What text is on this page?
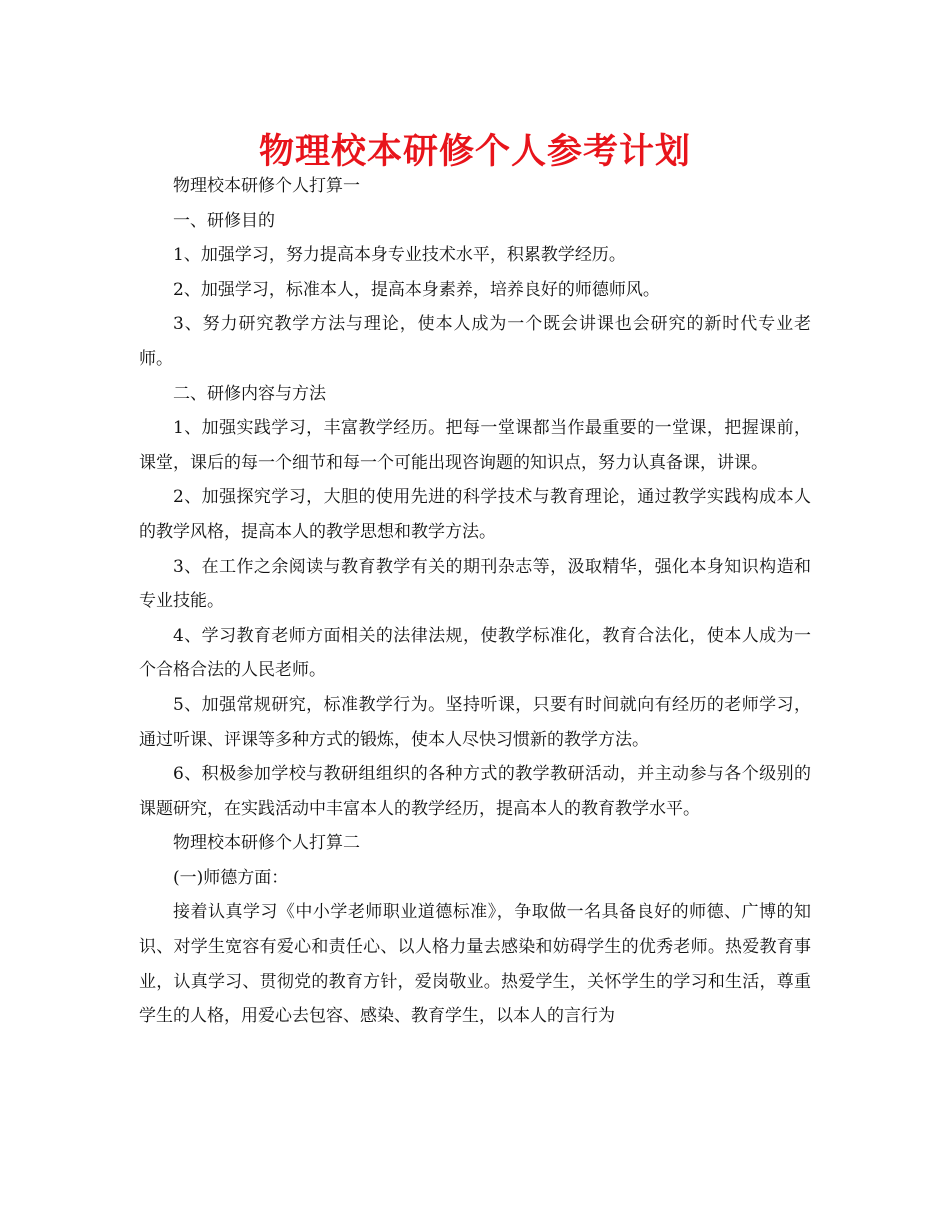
物理校本研修个人参考计划

物理校本研修个人打算一

一、研修目的

1、加强学习，努力提高本身专业技术水平，积累教学经历。

2、加强学习，标准本人，提高本身素养，培养良好的师德师风。

3、努力研究教学方法与理论，使本人成为一个既会讲课也会研究的新时代专业老师。

二、研修内容与方法

1、加强实践学习，丰富教学经历。把每一堂课都当作最重要的一堂课，把握课前，课堂，课后的每一个细节和每一个可能出现咨询题的知识点，努力认真备课，讲课。

2、加强探究学习，大胆的使用先进的科学技术与教育理论，通过教学实践构成本人的教学风格，提高本人的教学思想和教学方法。

3、在工作之余阅读与教育教学有关的期刊杂志等，汲取精华，强化本身知识构造和专业技能。

4、学习教育老师方面相关的法律法规，使教学标准化，教育合法化，使本人成为一个合格合法的人民老师。

5、加强常规研究，标准教学行为。坚持听课，只要有时间就向有经历的老师学习，通过听课、评课等多种方式的锻炼，使本人尽快习惯新的教学方法。

6、积极参加学校与教研组组织的各种方式的教学教研活动，并主动参与各个级别的课题研究，在实践活动中丰富本人的教学经历，提高本人的教育教学水平。

物理校本研修个人打算二

(一)师德方面：

接着认真学习《中小学老师职业道德标准》，争取做一名具备良好的师德、广博的知识、对学生宽容有爱心和责任心、以人格力量去感染和妨碍学生的优秀老师。热爱教育事业，认真学习、贯彻党的教育方针，爱岗敬业。热爱学生，关怀学生的学习和生活，尊重学生的人格，用爱心去包容、感染、教育学生，以本人的言行为
